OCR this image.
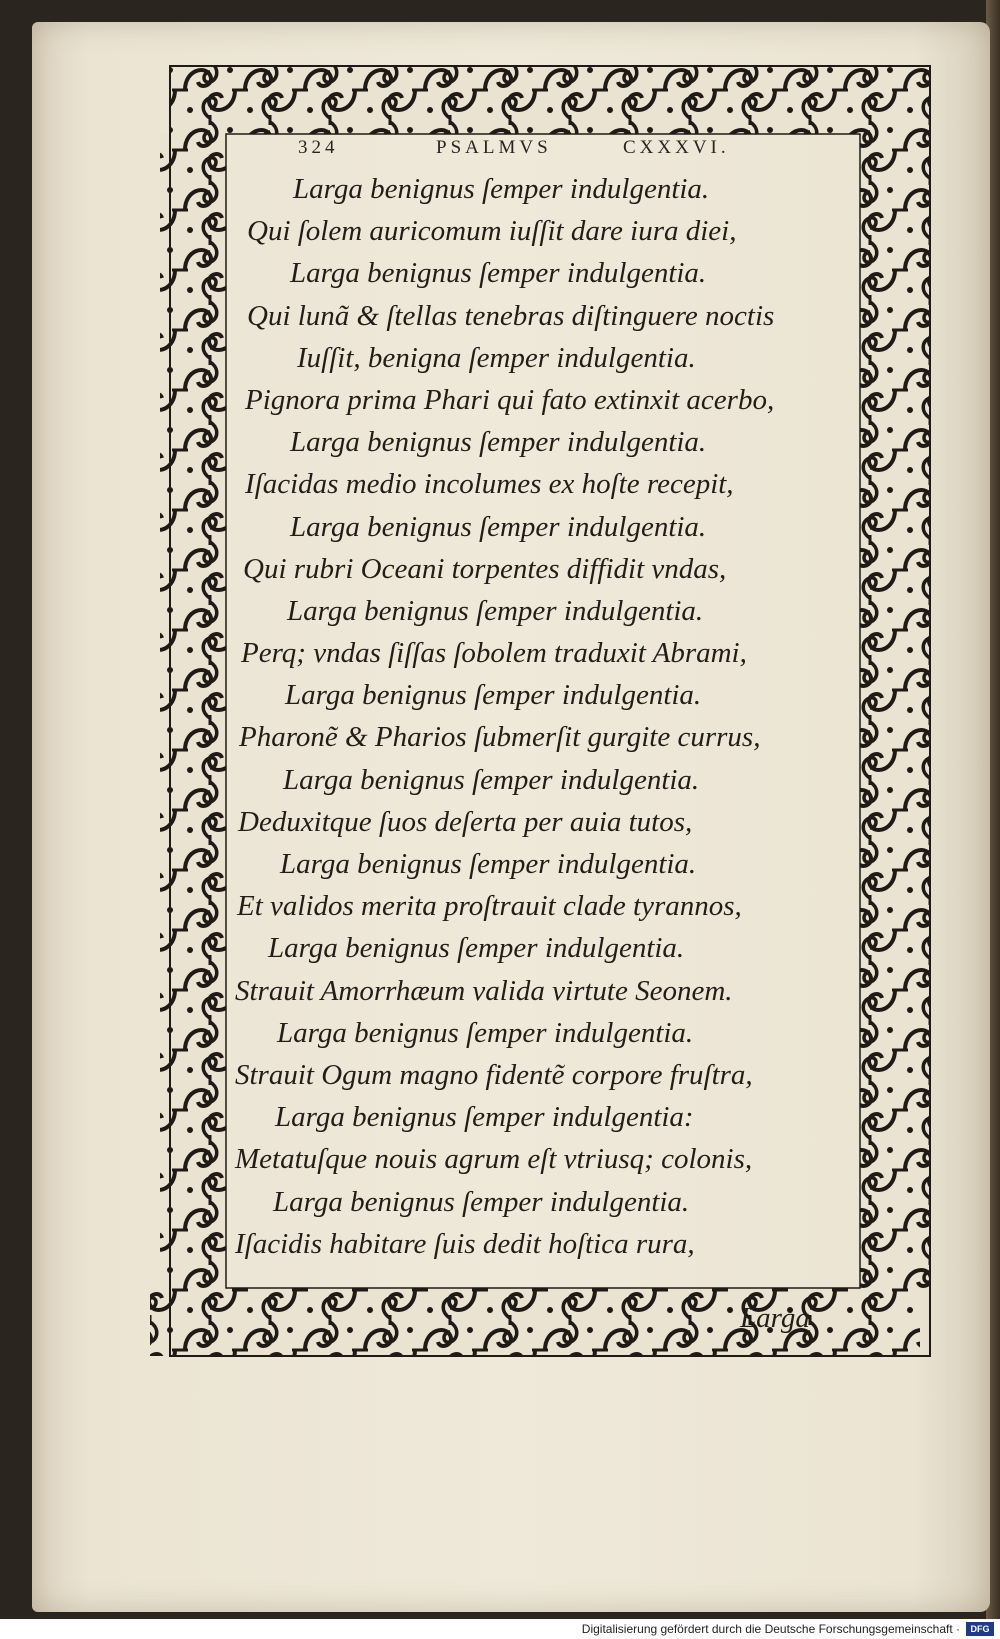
324	PSALMVS	CXXXVI.
Larga benignus ſemper indulgentia.
Qui ſolem auricomum iuſſit dare iura diei,
Larga benignus ſemper indulgentia.
Qui lunã & ſtellas tenebras diſtinguere noctis
Iuſſit, benigna ſemper indulgentia.
Pignora prima Phari qui fato extinxit acerbo,
Larga benignus ſemper indulgentia.
Iſacidas medio incolumes ex hoſte recepit,
Larga benignus ſemper indulgentia.
Qui rubri Oceani torpentes diffidit vndas,
Larga benignus ſemper indulgentia.
Perq; vndas ſiſſas ſobolem traduxit Abrami,
Larga benignus ſemper indulgentia.
Pharonẽ & Pharios ſubmerſit gurgite currus,
Larga benignus ſemper indulgentia.
Deduxitque ſuos deſerta per auia tutos,
Larga benignus ſemper indulgentia.
Et validos merita proſtrauit clade tyrannos,
Larga benignus ſemper indulgentia.
Strauit Amorrhæum valida virtute Seonem.
Larga benignus ſemper indulgentia.
Strauit Ogum magno fidentẽ corpore fruſtra,
Larga benignus ſemper indulgentia:
Metatuſque nouis agrum eſt vtriusq; colonis,
Larga benignus ſemper indulgentia.
Iſacidis habitare ſuis dedit hoſtica rura,
Larga
Digitalisierung gefördert durch die Deutsche Forschungsgemeinschaft ·	DFG
